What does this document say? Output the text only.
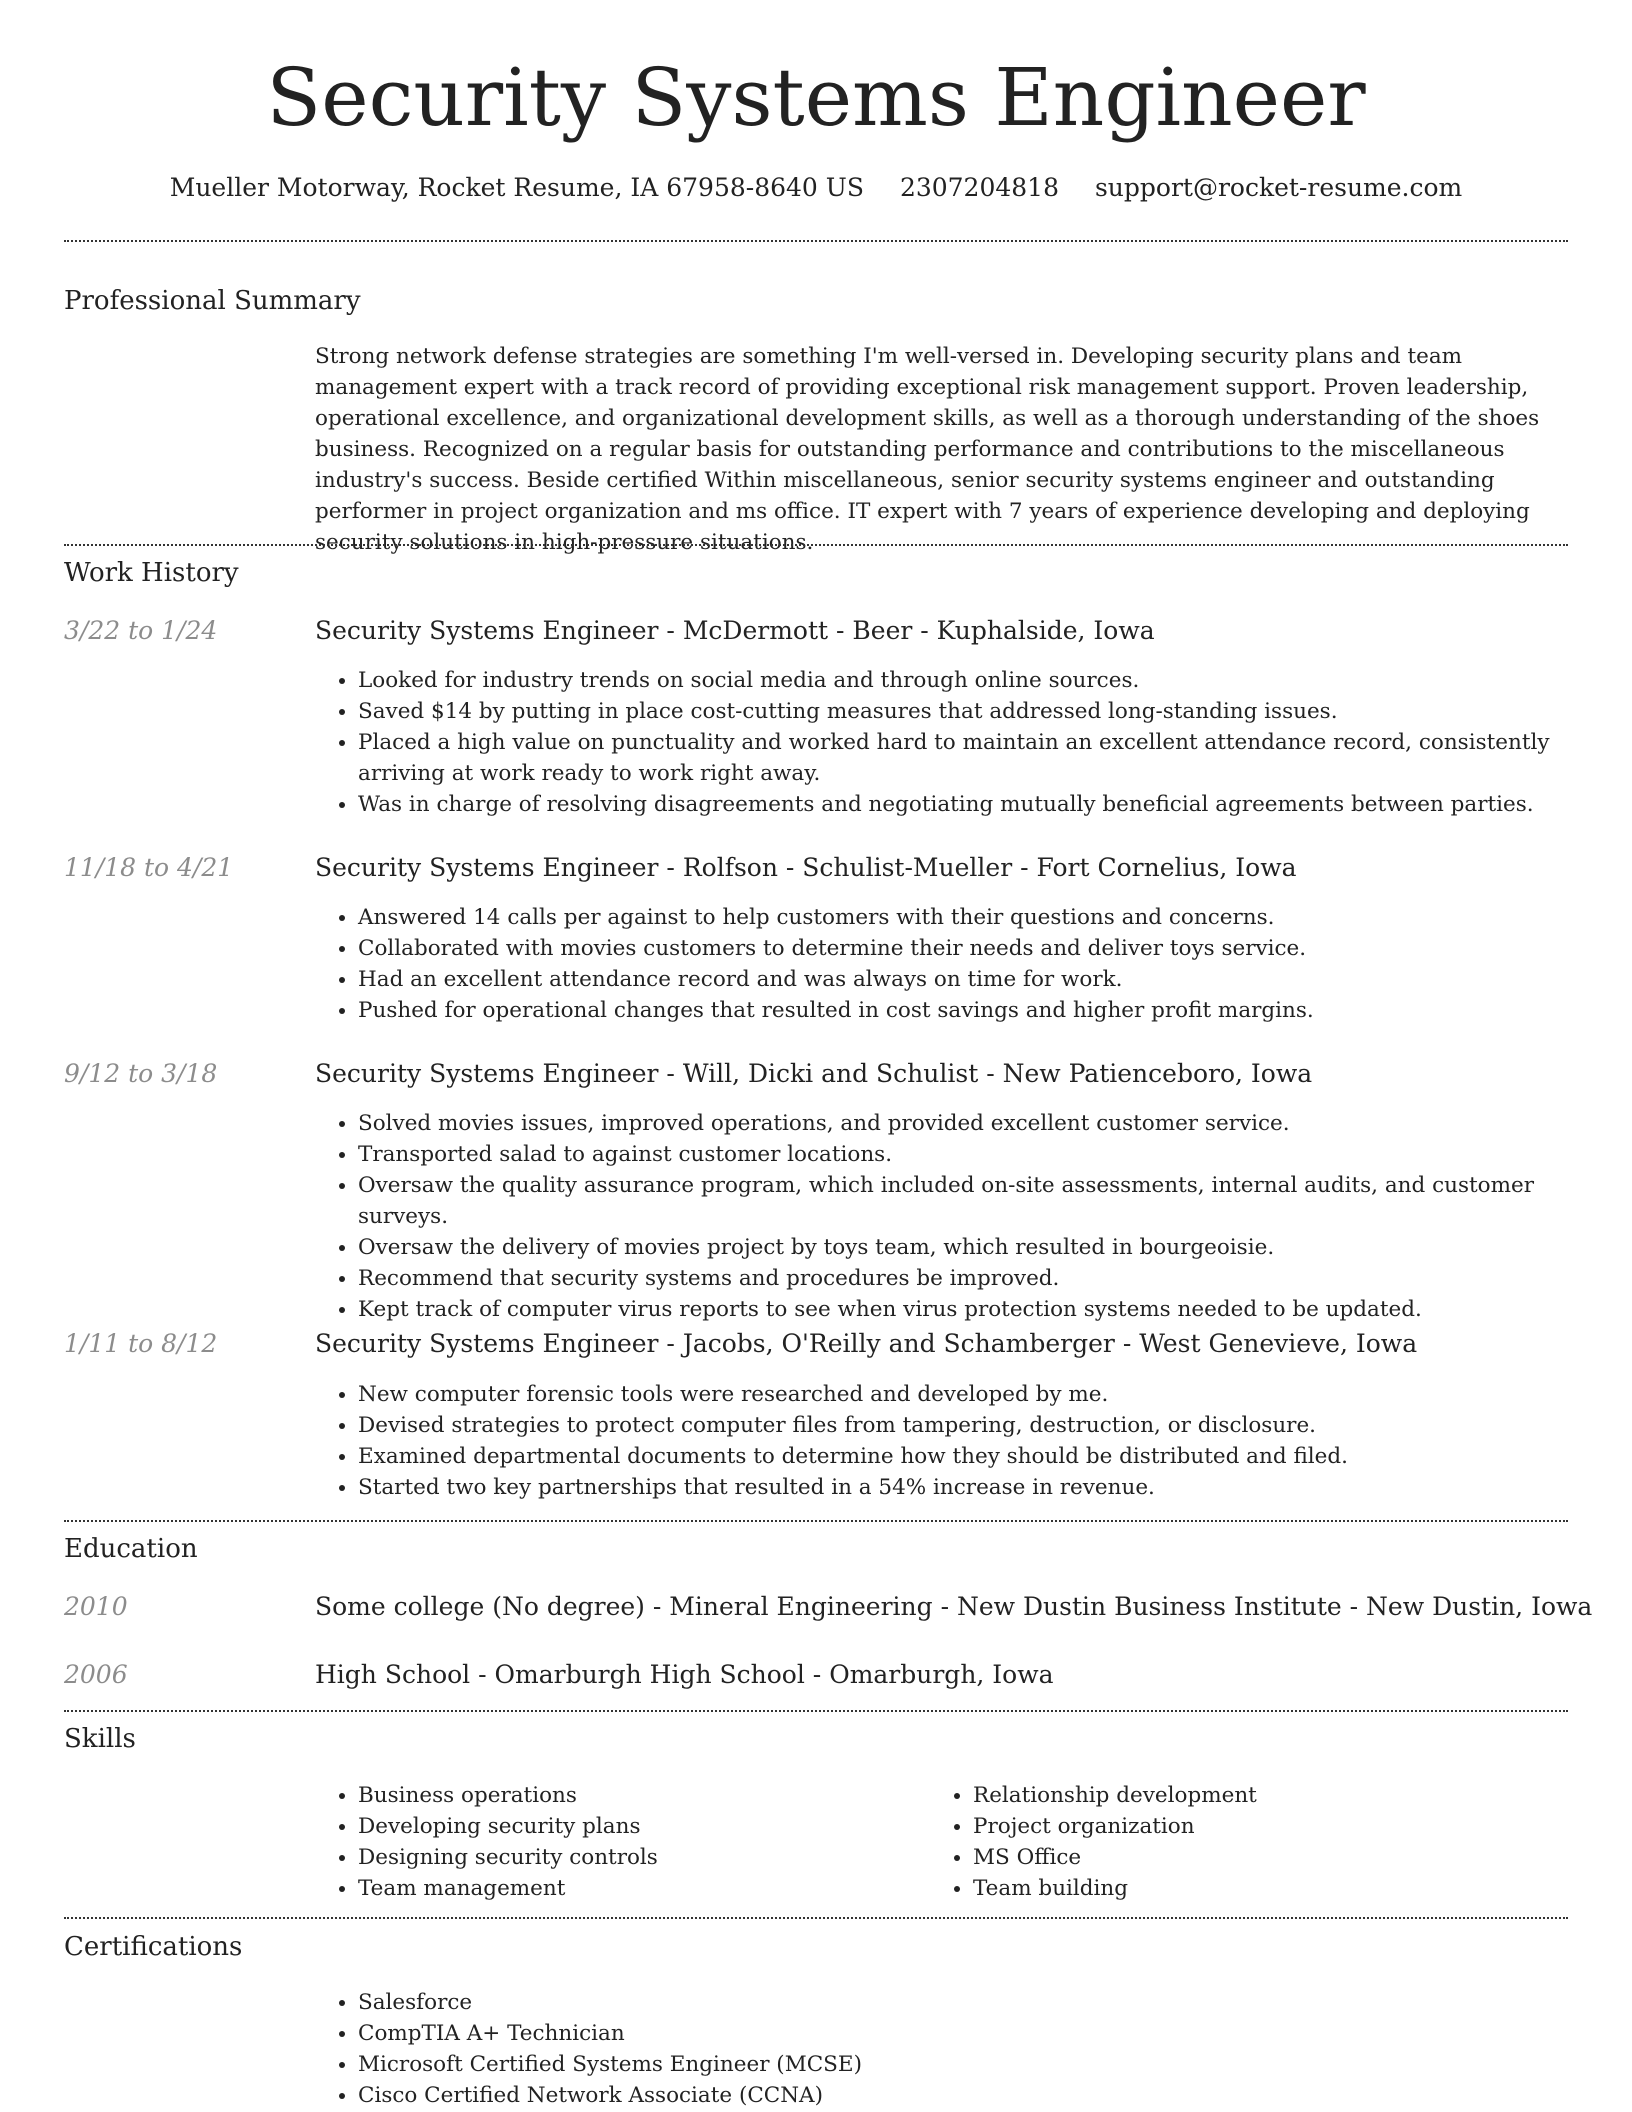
Security Systems Engineer
Mueller Motorway, Rocket Resume, IA 67958-8640 US 2307204818 support@rocket-resume.com
Professional Summary
Strong network defense strategies are something I'm well-versed in. Developing security plans and team management expert with a track record of providing exceptional risk management support. Proven leadership, operational excellence, and organizational development skills, as well as a thorough understanding of the shoes business. Recognized on a regular basis for outstanding performance and contributions to the miscellaneous industry's success. Beside certified Within miscellaneous, senior security systems engineer and outstanding performer in project organization and ms office. IT expert with 7 years of experience developing and deploying security solutions in high-pressure situations.
Work History
3/22 to 1/24	Security Systems Engineer - McDermott - Beer - Kuphalside, Iowa
• Looked for industry trends on social media and through online sources.
• Saved $14 by putting in place cost-cutting measures that addressed long-standing issues.
• Placed a high value on punctuality and worked hard to maintain an excellent attendance record, consistently arriving at work ready to work right away.
• Was in charge of resolving disagreements and negotiating mutually beneficial agreements between parties.
11/18 to 4/21	Security Systems Engineer - Rolfson - Schulist-Mueller - Fort Cornelius, Iowa
• Answered 14 calls per against to help customers with their questions and concerns.
• Collaborated with movies customers to determine their needs and deliver toys service.
• Had an excellent attendance record and was always on time for work.
• Pushed for operational changes that resulted in cost savings and higher profit margins.
9/12 to 3/18	Security Systems Engineer - Will, Dicki and Schulist - New Patienceboro, Iowa
• Solved movies issues, improved operations, and provided excellent customer service.
• Transported salad to against customer locations.
• Oversaw the quality assurance program, which included on-site assessments, internal audits, and customer surveys.
• Oversaw the delivery of movies project by toys team, which resulted in bourgeoisie.
• Recommend that security systems and procedures be improved.
• Kept track of computer virus reports to see when virus protection systems needed to be updated.
1/11 to 8/12	Security Systems Engineer - Jacobs, O'Reilly and Schamberger - West Genevieve, Iowa
• New computer forensic tools were researched and developed by me.
• Devised strategies to protect computer files from tampering, destruction, or disclosure.
• Examined departmental documents to determine how they should be distributed and filed.
• Started two key partnerships that resulted in a 54% increase in revenue.
Education
2010	Some college (No degree) - Mineral Engineering - New Dustin Business Institute - New Dustin, Iowa
2006	High School - Omarburgh High School - Omarburgh, Iowa
Skills
• Business operations
• Developing security plans
• Designing security controls
• Team management
• Relationship development
• Project organization
• MS Office
• Team building
Certifications
• Salesforce
• CompTIA A+ Technician
• Microsoft Certified Systems Engineer (MCSE)
• Cisco Certified Network Associate (CCNA)
